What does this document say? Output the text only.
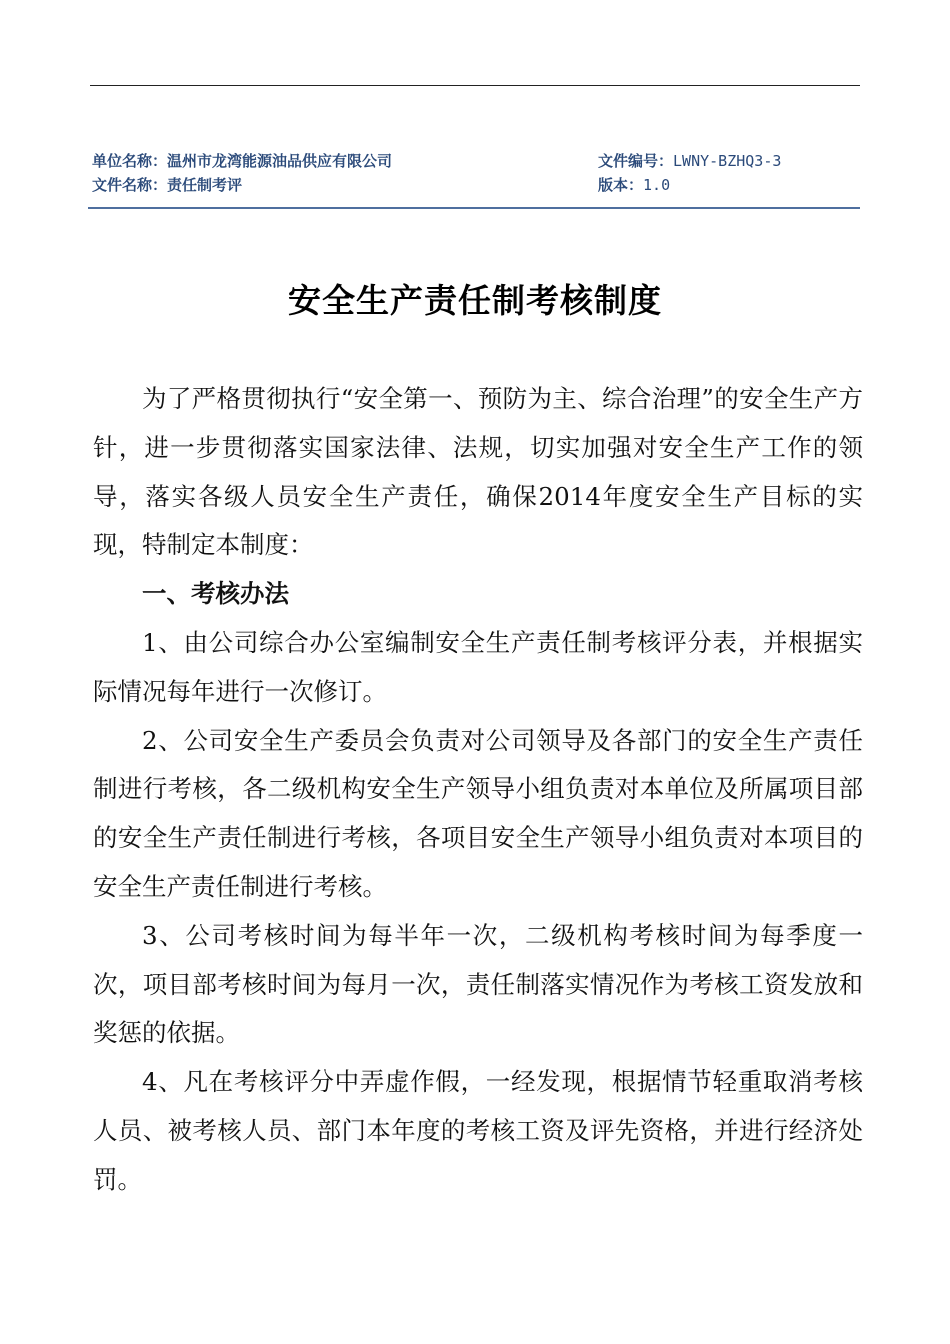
单位名称：温州市龙湾能源油品供应有限公司	文件编号：LWNY-BZHQ3-3
文件名称：责任制考评	版本：1.0
安全生产责任制考核制度

为了严格贯彻执行“安全第一、预防为主、综合治理”的安全生产方针，进一步贯彻落实国家法律、法规，切实加强对安全生产工作的领导，落实各级人员安全生产责任，确保2014年度安全生产目标的实现，特制定本制度：

一、考核办法

1、由公司综合办公室编制安全生产责任制考核评分表，并根据实际情况每年进行一次修订。

2、公司安全生产委员会负责对公司领导及各部门的安全生产责任制进行考核，各二级机构安全生产领导小组负责对本单位及所属项目部的安全生产责任制进行考核，各项目安全生产领导小组负责对本项目的安全生产责任制进行考核。

3、公司考核时间为每半年一次，二级机构考核时间为每季度一次，项目部考核时间为每月一次，责任制落实情况作为考核工资发放和奖惩的依据。

4、凡在考核评分中弄虚作假，一经发现，根据情节轻重取消考核人员、被考核人员、部门本年度的考核工资及评先资格，并进行经济处罚。
